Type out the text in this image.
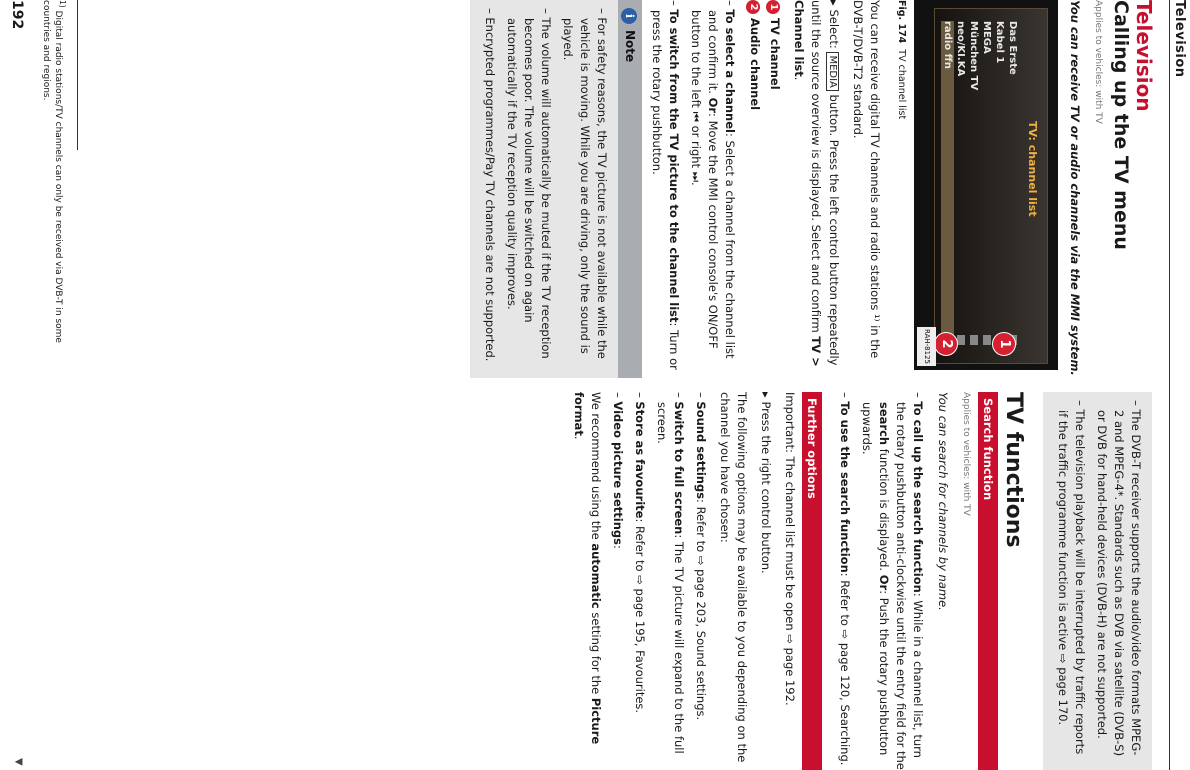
Television
Television
Calling up the TV menu
Applies to vehicles: with TV

You can receive TV or audio channels via the MMI system.

TV: channel list
Das Erste
Kabel 1
MEGA
München TV
neo/KI.KA
radio ffn
1
2
RAH-8125

Fig. 174TV channel list

You can receive digital TV channels and radio stations ¹⁾ in the DVB-T/DVB-T2 standard.

▸ Select: MEDIA button. Press the left control button repeatedly until the source overview is displayed. Select and confirm TV > Channel list.

1 TV channel

2 Audio channel

– To select a channel: Select a channel from the channel list and confirm it. Or: Move the MMI control console's ON/OFF button to the left ⏮ or right ⏭.

– To switch from the TV picture to the channel list: Turn or press the rotary pushbutton.

iNote

– For safety reasons, the TV picture is not available while the vehicle is moving. While you are driving, only the sound is played.

– The volume will automatically be muted if the TV reception becomes poor. The volume will be switched on again automatically if the TV reception quality improves.

– Encrypted programmes/Pay TV channels are not supported.

– The DVB-T receiver supports the audio/video formats MPEG-2 and MPEG-4*. Standards such as DVB via satellite (DVB-S) or DVB for hand-held devices (DVB-H) are not supported.

– The television playback will be interrupted by traffic reports if the traffic programme function is active ⇨ page 170.

TV functions
Search function
Applies to vehicles: with TV

You can search for channels by name.

– To call up the search function: While in a channel list, turn the rotary pushbutton anti-clockwise until the entry field for the search function is displayed. Or: Push the rotary pushbutton upwards.

– To use the search function: Refer to ⇨ page 120, Searching.

Further options

Important: The channel list must be open ⇨ page 192.

▸ Press the right control button.

The following options may be available to you depending on the channel you have chosen:

– Sound settings: Refer to ⇨ page 203, Sound settings.

– Switch to full screen: The TV picture will expand to the full screen.

– Store as favourite: Refer to ⇨ page 195, Favourites.

– Video picture settings:

We recommend using the automatic setting for the Picture format.

$^{1)}$ Digital radio stations/TV channels can only be received via DVB-T in some countries and regions.
192
▼
